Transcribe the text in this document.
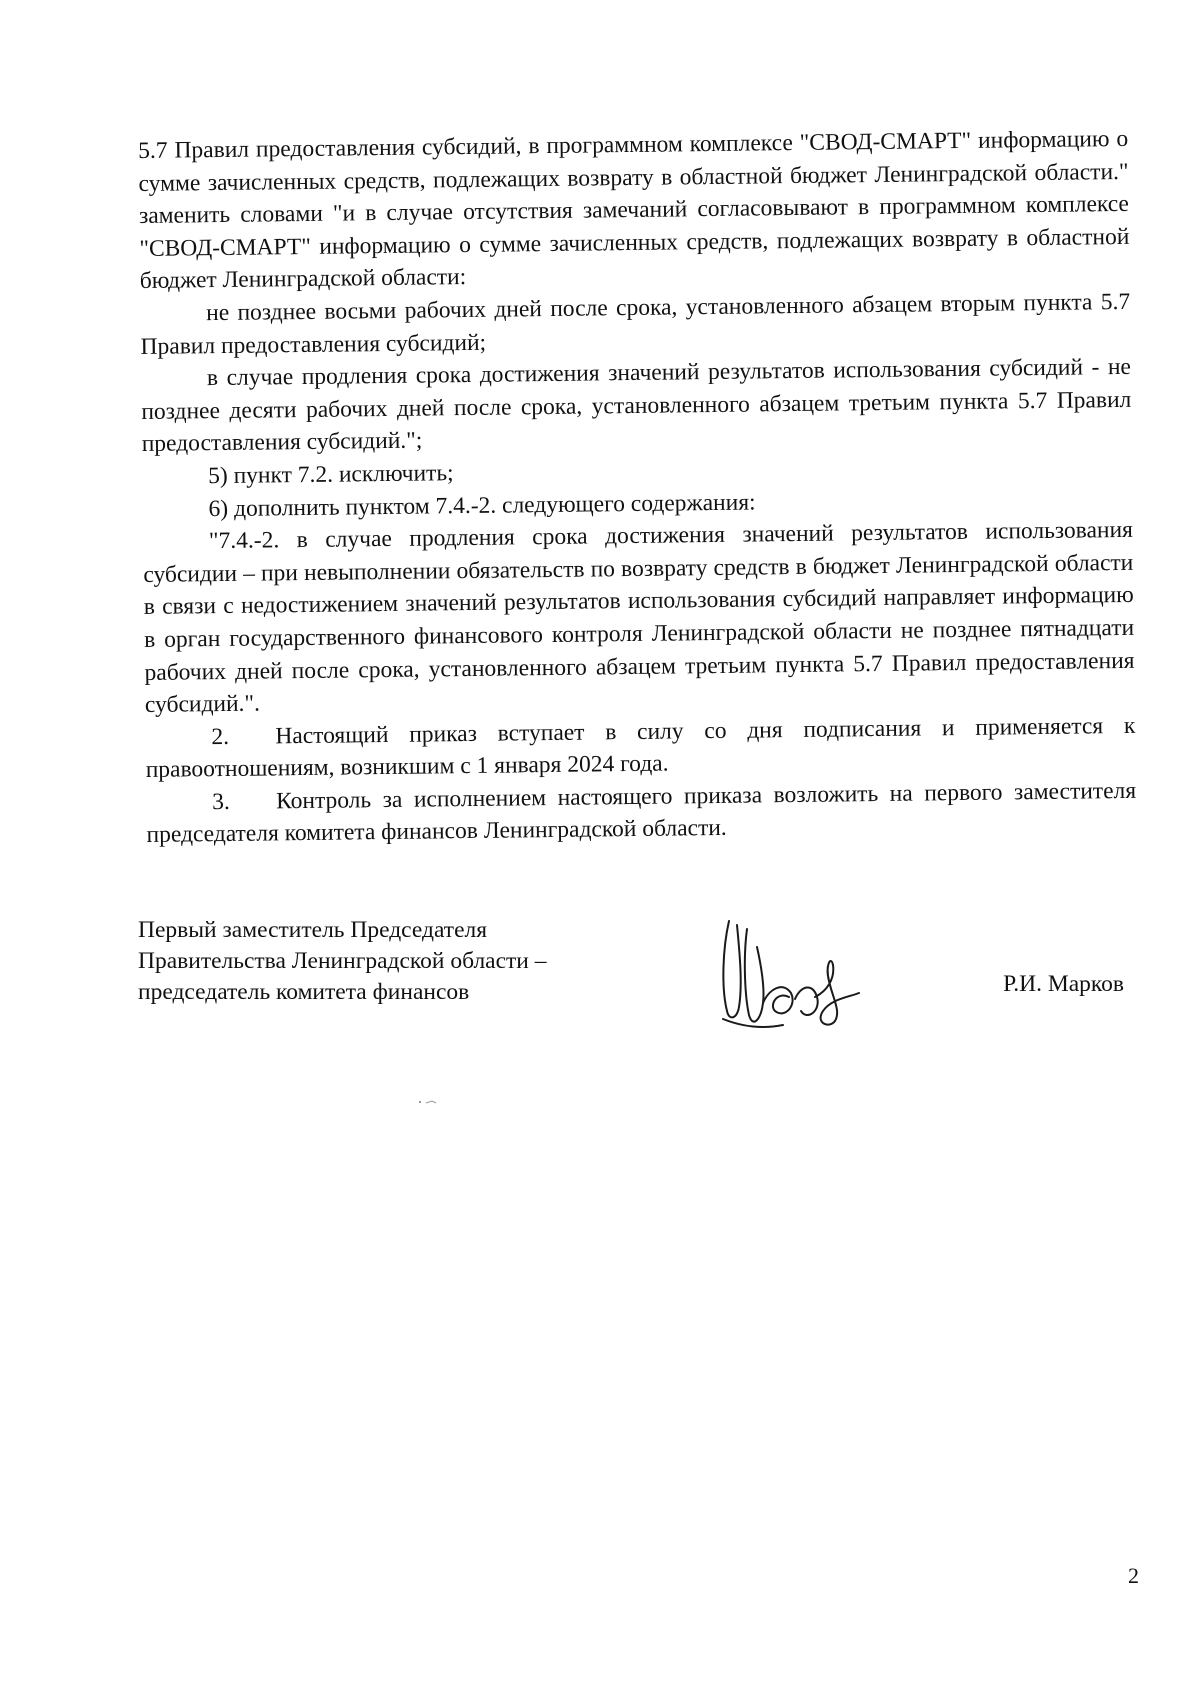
5.7 Правил предоставления субсидий, в программном комплексе "СВОД-СМАРТ" информацию о сумме зачисленных средств, подлежащих возврату в областной бюджет Ленинградской области." заменить словами "и в случае отсутствия замечаний согласовывают в программном комплексе "СВОД-СМАРТ" информацию о сумме зачисленных средств, подлежащих возврату в областной бюджет Ленинградской области:

не позднее восьми рабочих дней после срока, установленного абзацем вторым пункта 5.7 Правил предоставления субсидий;

в случае продления срока достижения значений результатов использования субсидий - не позднее десяти рабочих дней после срока, установленного абзацем третьим пункта 5.7 Правил предоставления субсидий.";

5) пункт 7.2. исключить;

6) дополнить пунктом 7.4.-2. следующего содержания:

"7.4.-2. в случае продления срока достижения значений результатов использования субсидии – при невыполнении обязательств по возврату средств в бюджет Ленинградской области в связи с недостижением значений результатов использования субсидий направляет информацию в орган государственного финансового контроля Ленинградской области не позднее пятнадцати рабочих дней после срока, установленного абзацем третьим пункта 5.7 Правил предоставления субсидий.".

2. Настоящий приказ вступает в силу со дня подписания и применяется к правоотношениям, возникшим с 1 января 2024 года.

3. Контроль за исполнением настоящего приказа возложить на первого заместителя председателя комитета финансов Ленинградской области.

Первый заместитель Председателя
Правительства Ленинградской области –
председатель комитета финансов	Р.И. Марков
2
